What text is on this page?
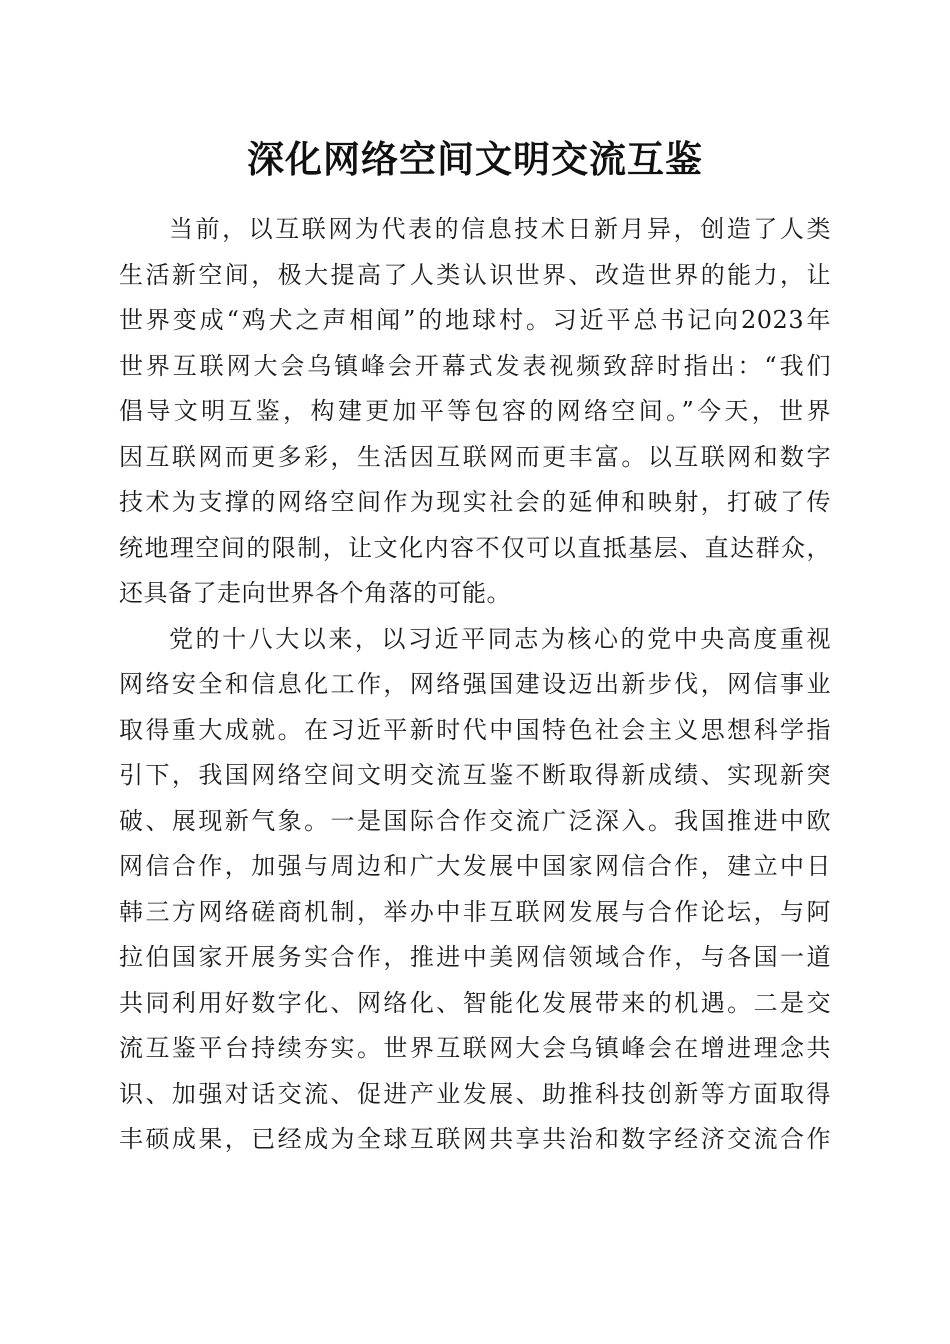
深化网络空间文明交流互鉴
当前，以互联网为代表的信息技术日新月异，创造了人类
生活新空间，极大提高了人类认识世界、改造世界的能力，让
世界变成“鸡犬之声相闻”的地球村。习近平总书记向2023年
世界互联网大会乌镇峰会开幕式发表视频致辞时指出：“我们
倡导文明互鉴，构建更加平等包容的网络空间。”今天，世界
因互联网而更多彩，生活因互联网而更丰富。以互联网和数字
技术为支撑的网络空间作为现实社会的延伸和映射，打破了传
统地理空间的限制，让文化内容不仅可以直抵基层、直达群众，
还具备了走向世界各个角落的可能。
党的十八大以来，以习近平同志为核心的党中央高度重视
网络安全和信息化工作，网络强国建设迈出新步伐，网信事业
取得重大成就。在习近平新时代中国特色社会主义思想科学指
引下，我国网络空间文明交流互鉴不断取得新成绩、实现新突
破、展现新气象。一是国际合作交流广泛深入。我国推进中欧
网信合作，加强与周边和广大发展中国家网信合作，建立中日
韩三方网络磋商机制，举办中非互联网发展与合作论坛，与阿
拉伯国家开展务实合作，推进中美网信领域合作，与各国一道
共同利用好数字化、网络化、智能化发展带来的机遇。二是交
流互鉴平台持续夯实。世界互联网大会乌镇峰会在增进理念共
识、加强对话交流、促进产业发展、助推科技创新等方面取得
丰硕成果，已经成为全球互联网共享共治和数字经济交流合作
